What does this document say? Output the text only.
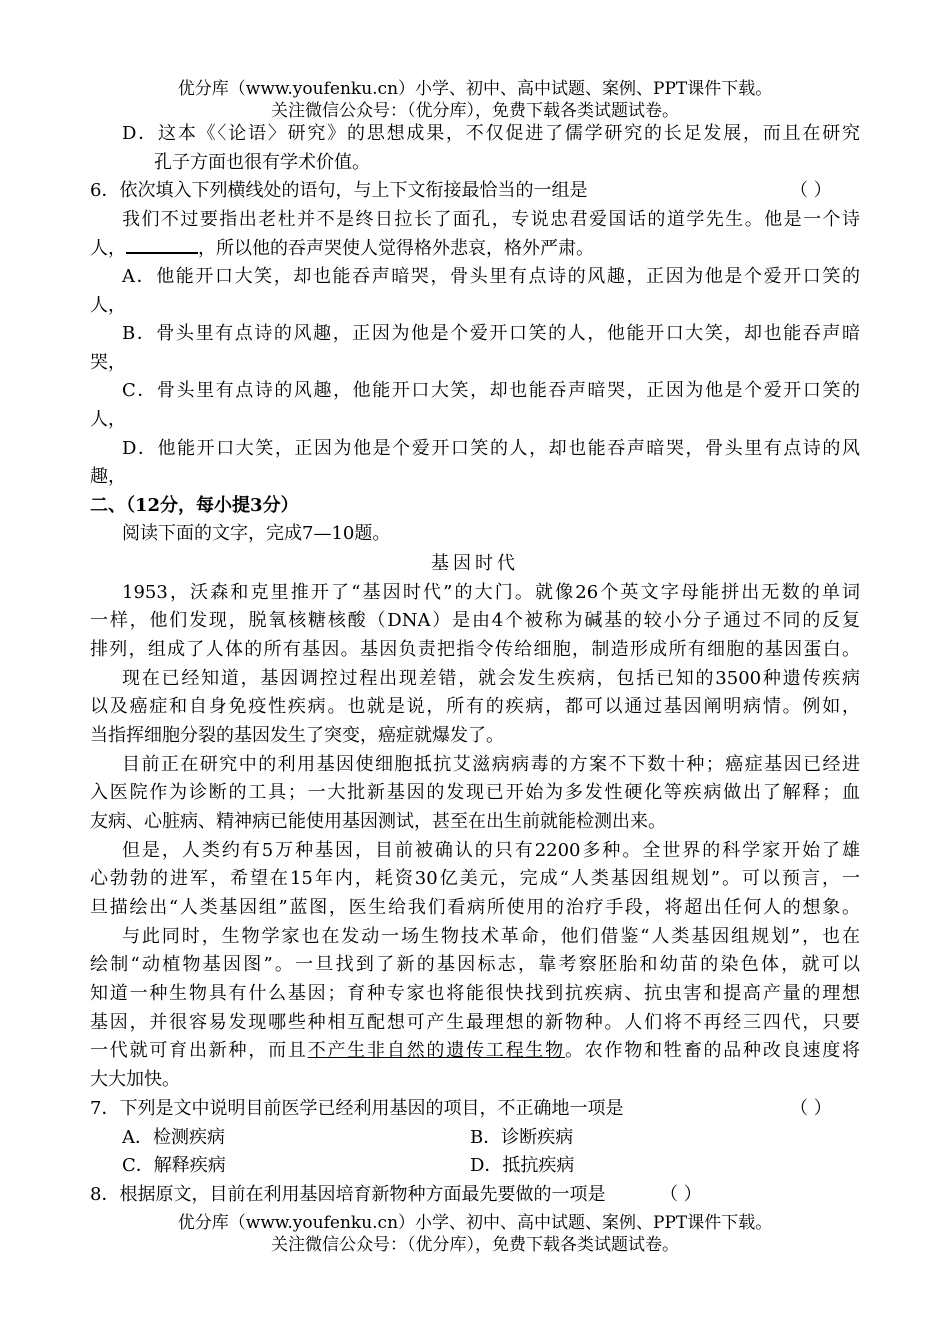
优分库（www.youfenku.cn）小学、初中、高中试题、案例、PPT课件下载。
关注微信公众号：（优分库），免费下载各类试题试卷。
D．这本《〈论语〉研究》的思想成果，不仅促进了儒学研究的长足发展，而且在研究
孔子方面也很有学术价值。
6．依次填入下列横线处的语句，与上下文衔接最恰当的一组是	（ ）
我们不过要指出老杜并不是终日拉长了面孔，专说忠君爱国话的道学先生。他是一个诗
人，	，所以他的吞声哭使人觉得格外悲哀，格外严肃。
A．他能开口大笑，却也能吞声暗哭，骨头里有点诗的风趣，正因为他是个爱开口笑的
人，
B．骨头里有点诗的风趣，正因为他是个爱开口笑的人，他能开口大笑，却也能吞声暗
哭，
C．骨头里有点诗的风趣，他能开口大笑，却也能吞声暗哭，正因为他是个爱开口笑的
人，
D．他能开口大笑，正因为他是个爱开口笑的人，却也能吞声暗哭，骨头里有点诗的风
趣，
二、（12分，每小提3分）
阅读下面的文字，完成7—10题。
基因时代
1953，沃森和克里推开了“基因时代”的大门。就像26个英文字母能拼出无数的单词
一样，他们发现，脱氧核糖核酸（DNA）是由4个被称为碱基的较小分子通过不同的反复
排列，组成了人体的所有基因。基因负责把指令传给细胞，制造形成所有细胞的基因蛋白。
现在已经知道，基因调控过程出现差错，就会发生疾病，包括已知的3500种遗传疾病
以及癌症和自身免疫性疾病。也就是说，所有的疾病，都可以通过基因阐明病情。例如，
当指挥细胞分裂的基因发生了突变，癌症就爆发了。
目前正在研究中的利用基因使细胞抵抗艾滋病病毒的方案不下数十种；癌症基因已经进
入医院作为诊断的工具；一大批新基因的发现已开始为多发性硬化等疾病做出了解释；血
友病、心脏病、精神病已能使用基因测试，甚至在出生前就能检测出来。
但是，人类约有5万种基因，目前被确认的只有2200多种。全世界的科学家开始了雄
心勃勃的进军，希望在15年内，耗资30亿美元，完成“人类基因组规划”。可以预言，一
旦描绘出“人类基因组”蓝图，医生给我们看病所使用的治疗手段，将超出任何人的想象。
与此同时，生物学家也在发动一场生物技术革命，他们借鉴“人类基因组规划”，也在
绘制“动植物基因图”。一旦找到了新的基因标志，靠考察胚胎和幼苗的染色体，就可以
知道一种生物具有什么基因；育种专家也将能很快找到抗疾病、抗虫害和提高产量的理想
基因，并很容易发现哪些种相互配想可产生最理想的新物种。人们将不再经三四代，只要
一代就可育出新种，而且不产生非自然的遗传工程生物。农作物和牲畜的品种改良速度将
大大加快。
7．下列是文中说明目前医学已经利用基因的项目，不正确地一项是	（ ）
A．检测疾病	B．诊断疾病
C．解释疾病	D．抵抗疾病
8．根据原文，目前在利用基因培育新物种方面最先要做的一项是	（ ）
优分库（www.youfenku.cn）小学、初中、高中试题、案例、PPT课件下载。
关注微信公众号：（优分库），免费下载各类试题试卷。
